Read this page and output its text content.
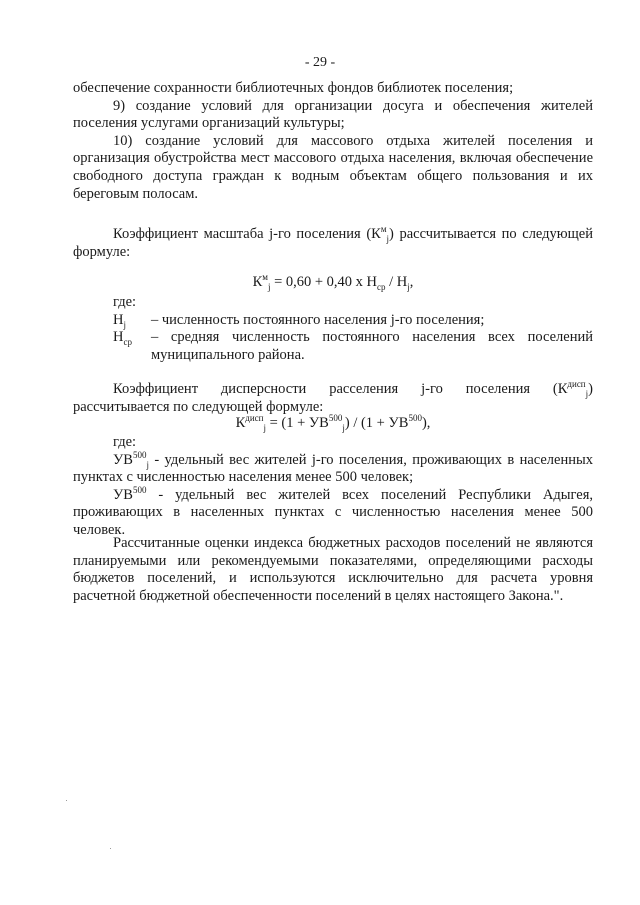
- 29 -

обеспечение сохранности библиотечных фондов библиотек поселения;

9) создание условий для организации досуга и обеспечения жителей поселения услугами организаций культуры;

10) создание условий для массового отдыха жителей поселения и организация обустройства мест массового отдыха населения, включая обеспечение свободного доступа граждан к водным объектам общего пользования и их береговым полосам.

Коэффициент масштаба j-го поселения $(К^м_j)$ рассчитывается по следующей формуле:

$К^м_j = 0,60 + 0,40$ х $Н_{ср} / Н_j$,

где:

$Н_j$	– численность постоянного населения j-го поселения;
$Н_{ср}$	– средняя численность постоянного населения всех поселений муниципального района.

Коэффициент дисперсности расселения j-го поселения $(К^{дисп}_j)$ рассчитывается по следующей формуле:

$К^{дисп}_j = (1 + УВ^{500}_j) / (1 + УВ^{500})$,

где:

$УВ^{500}_j$ - удельный вес жителей j-го поселения, проживающих в населенных пунктах с численностью населения менее 500 человек;

УВ$^{500}$ - удельный вес жителей всех поселений Республики Адыгея, проживающих в населенных пунктах с численностью населения менее 500 человек.

Рассчитанные оценки индекса бюджетных расходов поселений не являются планируемыми или рекомендуемыми показателями, определяющими расходы бюджетов поселений, и используются исключительно для расчета уровня расчетной бюджетной обеспеченности поселений в целях настоящего Закона.".
